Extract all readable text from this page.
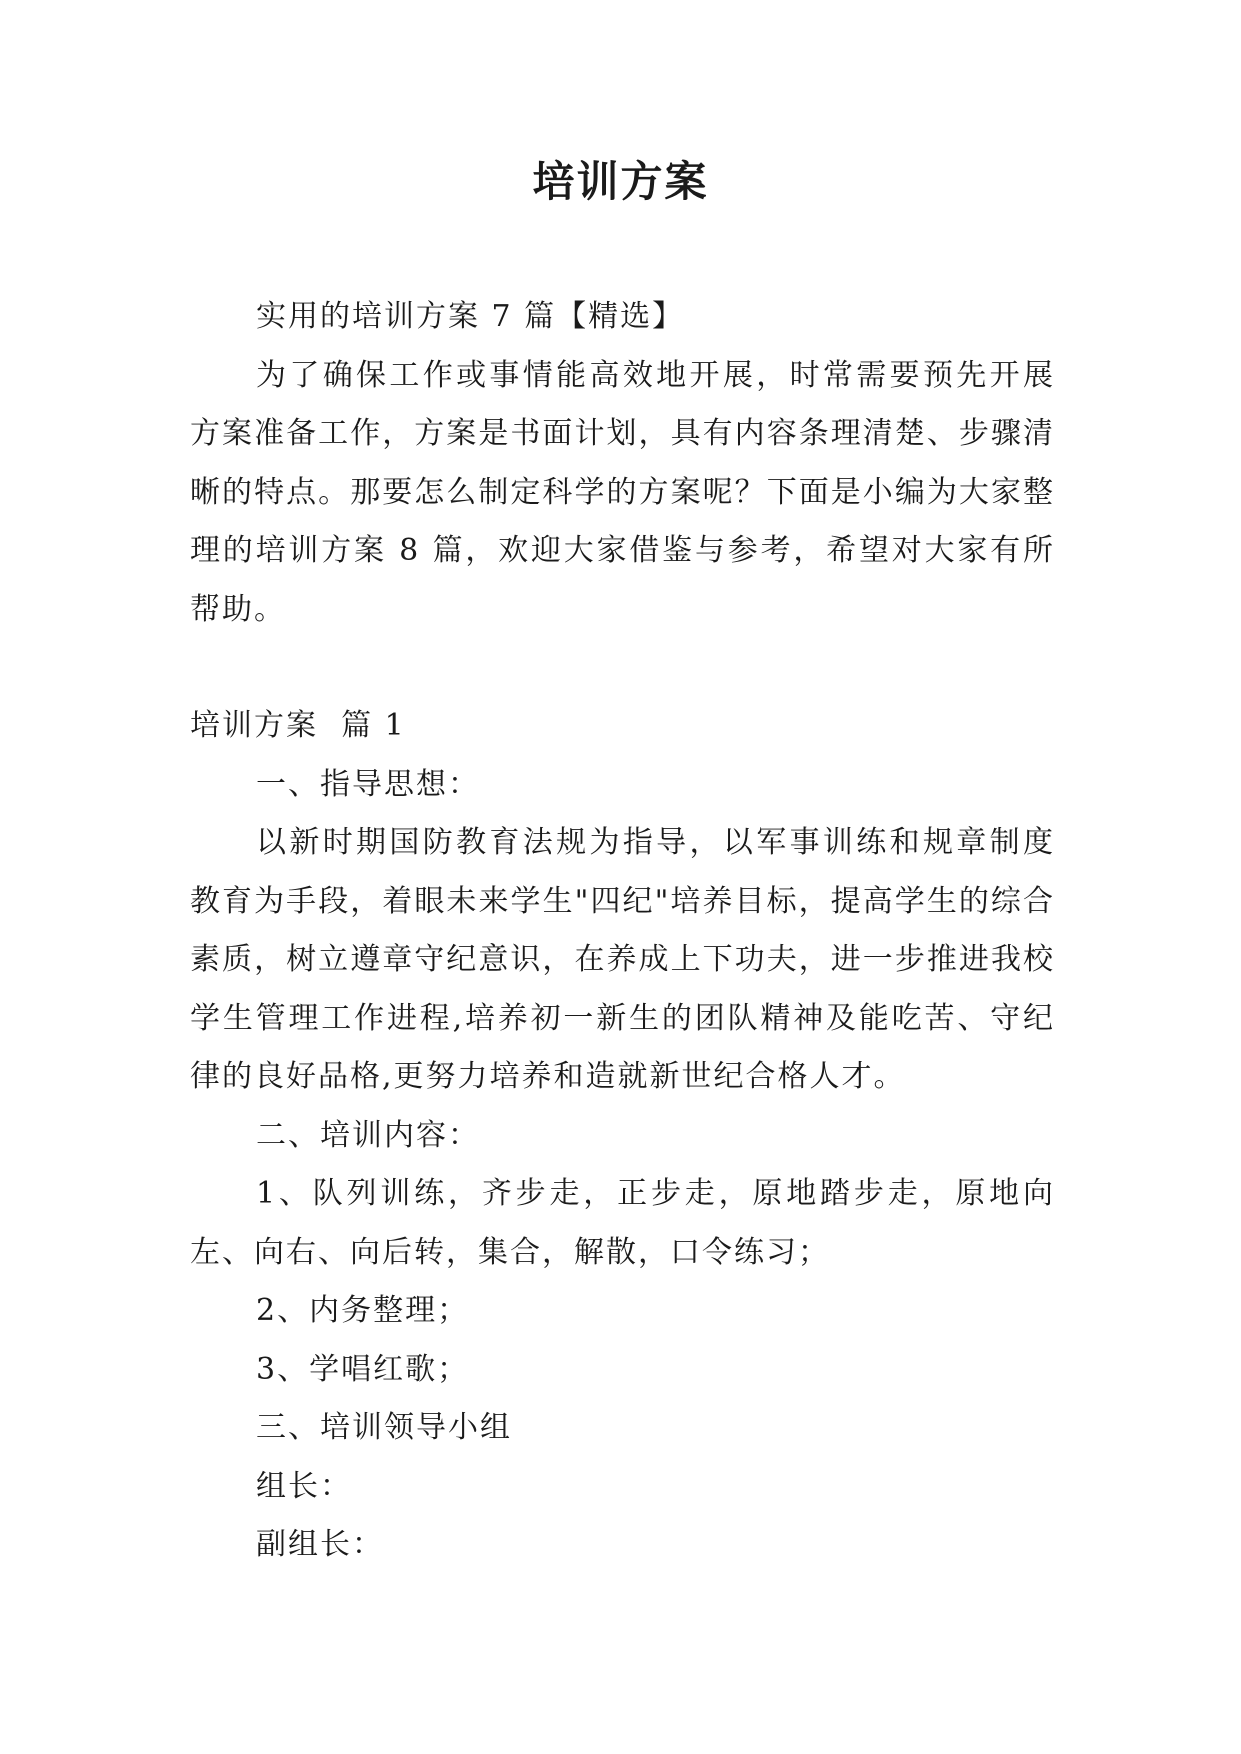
培训方案

实用的培训方案 7 篇【精选】

为了确保工作或事情能高效地开展，时常需要预先开展方案准备工作，方案是书面计划，具有内容条理清楚、步骤清晰的特点。那要怎么制定科学的方案呢？下面是小编为大家整理的培训方案 8 篇，欢迎大家借鉴与参考，希望对大家有所帮助。

培训方案  篇 1

一、指导思想：

以新时期国防教育法规为指导，以军事训练和规章制度教育为手段，着眼未来学生"四纪"培养目标，提高学生的综合素质，树立遵章守纪意识，在养成上下功夫，进一步推进我校学生管理工作进程,培养初一新生的团队精神及能吃苦、守纪律的良好品格,更努力培养和造就新世纪合格人才。

二、培训内容：

1、队列训练，齐步走，正步走，原地踏步走，原地向左、向右、向后转，集合，解散，口令练习；

2、内务整理；

3、学唱红歌；

三、培训领导小组

组长：

副组长：
